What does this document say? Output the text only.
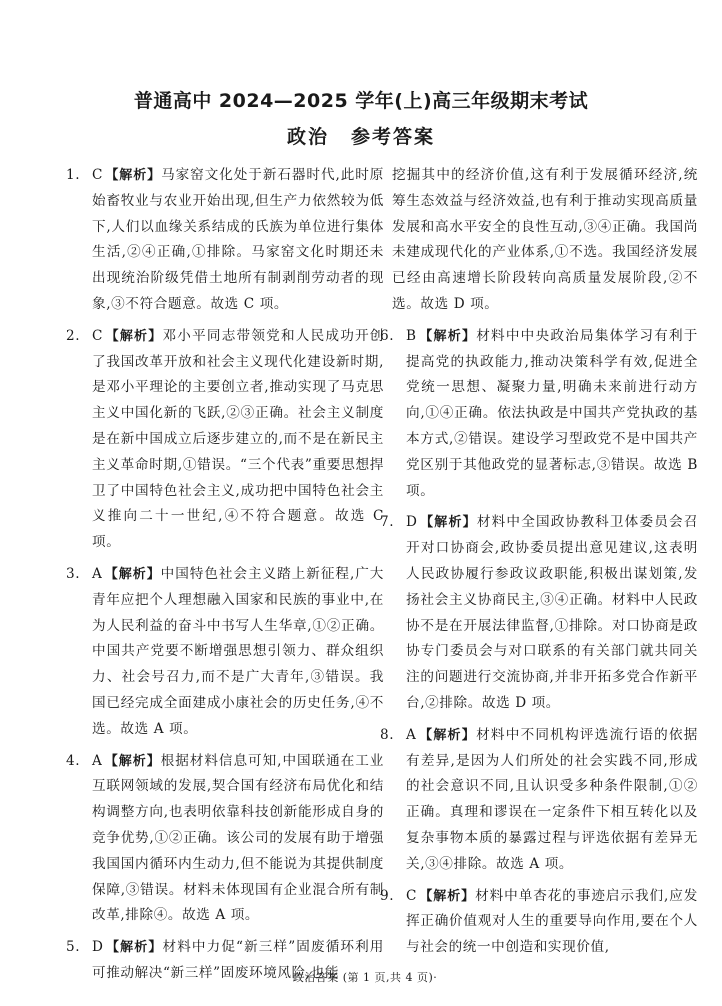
普通高中 2024—2025 学年(上)高三年级期末考试
政治 参考答案
1. C 【解析】马家窑文化处于新石器时代,此时原始畜牧业与农业开始出现,但生产力依然较为低下,人们以血缘关系结成的氏族为单位进行集体生活,②④正确,①排除。马家窑文化时期还未出现统治阶级凭借土地所有制剥削劳动者的现象,③不符合题意。故选 C 项。
2. C 【解析】邓小平同志带领党和人民成功开创了我国改革开放和社会主义现代化建设新时期,是邓小平理论的主要创立者,推动实现了马克思主义中国化新的飞跃,②③正确。社会主义制度是在新中国成立后逐步建立的,而不是在新民主主义革命时期,①错误。“三个代表”重要思想捍卫了中国特色社会主义,成功把中国特色社会主义推向二十一世纪,④不符合题意。故选 C 项。
3. A 【解析】中国特色社会主义踏上新征程,广大青年应把个人理想融入国家和民族的事业中,在为人民利益的奋斗中书写人生华章,①②正确。中国共产党要不断增强思想引领力、群众组织力、社会号召力,而不是广大青年,③错误。我国已经完成全面建成小康社会的历史任务,④不选。故选 A 项。
4. A 【解析】根据材料信息可知,中国联通在工业互联网领域的发展,契合国有经济布局优化和结构调整方向,也表明依靠科技创新能形成自身的竞争优势,①②正确。该公司的发展有助于增强我国国内循环内生动力,但不能说为其提供制度保障,③错误。材料未体现国有企业混合所有制改革,排除④。故选 A 项。
5. D 【解析】材料中力促“新三样”固废循环利用可推动解决“新三样”固废环境风险,也能
挖掘其中的经济价值,这有利于发展循环经济,统筹生态效益与经济效益,也有利于推动实现高质量发展和高水平安全的良性互动,③④正确。我国尚未建成现代化的产业体系,①不选。我国经济发展已经由高速增长阶段转向高质量发展阶段,②不选。故选 D 项。
6. B 【解析】材料中中央政治局集体学习有利于提高党的执政能力,推动决策科学有效,促进全党统一思想、凝聚力量,明确未来前进行动方向,①④正确。依法执政是中国共产党执政的基本方式,②错误。建设学习型政党不是中国共产党区别于其他政党的显著标志,③错误。故选 B 项。
7. D 【解析】材料中全国政协教科卫体委员会召开对口协商会,政协委员提出意见建议,这表明人民政协履行参政议政职能,积极出谋划策,发扬社会主义协商民主,③④正确。材料中人民政协不是在开展法律监督,①排除。对口协商是政协专门委员会与对口联系的有关部门就共同关注的问题进行交流协商,并非开拓多党合作新平台,②排除。故选 D 项。
8. A 【解析】材料中不同机构评选流行语的依据有差异,是因为人们所处的社会实践不同,形成的社会意识不同,且认识受多种条件限制,①②正确。真理和谬误在一定条件下相互转化以及复杂事物本质的暴露过程与评选依据有差异无关,③④排除。故选 A 项。
9. C 【解析】材料中单杏花的事迹启示我们,应发挥正确价值观对人生的重要导向作用,要在个人与社会的统一中创造和实现价值,
· 政治答案 (第 1 页,共 4 页)·
